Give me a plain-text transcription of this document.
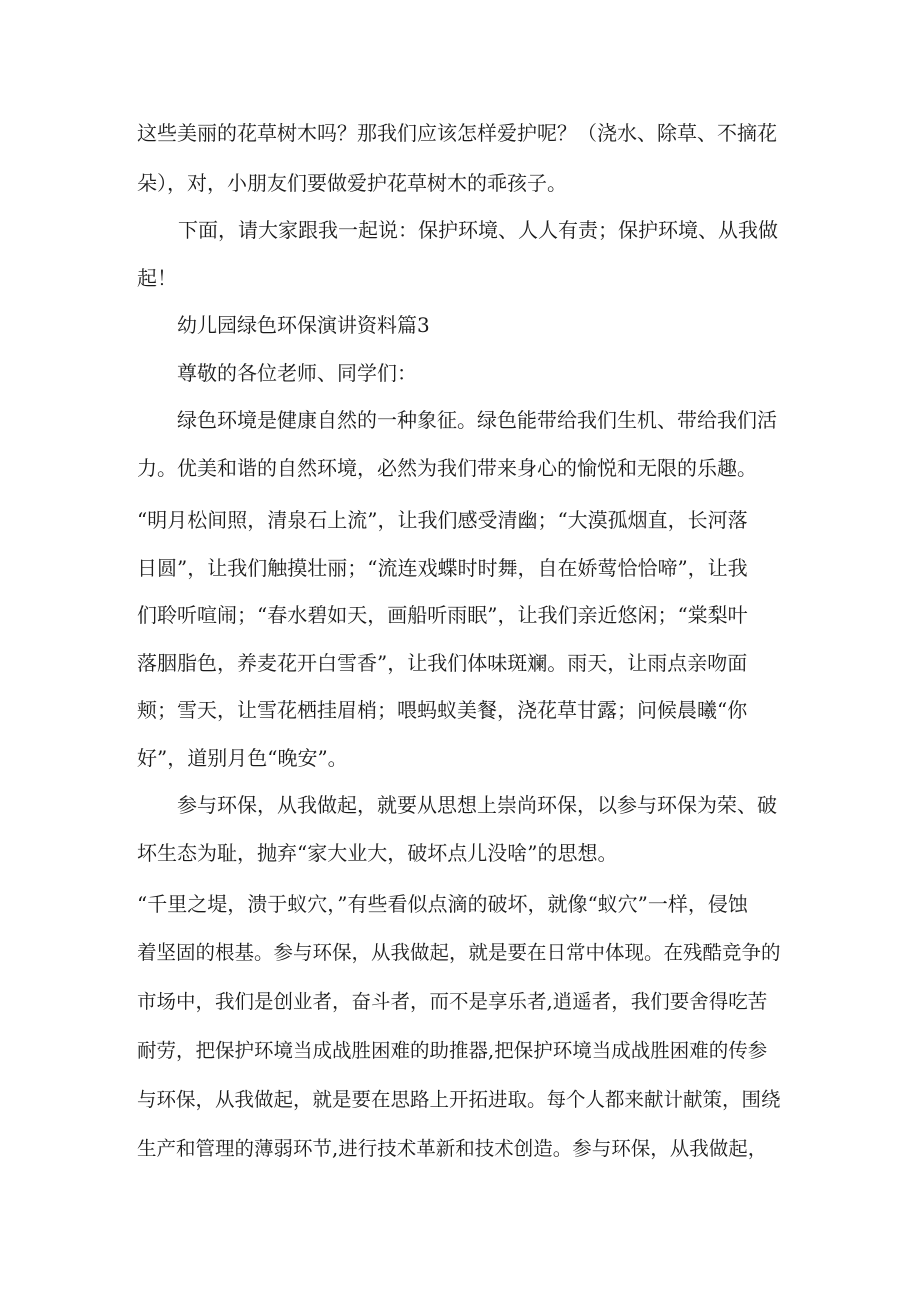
这些美丽的花草树木吗？那我们应该怎样爱护呢？（浇水、除草、不摘花

朵），对，小朋友们要做爱护花草树木的乖孩子。

下面，请大家跟我一起说：保护环境、人人有责；保护环境、从我做

起！

幼儿园绿色环保演讲资料篇3

尊敬的各位老师、同学们：

绿色环境是健康自然的一种象征。绿色能带给我们生机、带给我们活

力。优美和谐的自然环境，必然为我们带来身心的愉悦和无限的乐趣。

“明月松间照，清泉石上流”，让我们感受清幽；“大漠孤烟直，长河落

日圆”，让我们触摸壮丽；“流连戏蝶时时舞，自在娇莺恰恰啼”，让我

们聆听喧闹；“春水碧如天，画船听雨眠”，让我们亲近悠闲；“棠梨叶

落胭脂色，养麦花开白雪香”，让我们体味斑斓。雨天，让雨点亲吻面

颊；雪天，让雪花栖挂眉梢；喂蚂蚁美餐，浇花草甘露；问候晨曦“你

好”，道别月色“晚安”。

参与环保，从我做起，就要从思想上崇尚环保，以参与环保为荣、破

坏生态为耻，抛弃“家大业大，破坏点儿没啥”的思想。

“千里之堤，溃于蚁穴，”有些看似点滴的破坏，就像“蚁穴”一样，侵蚀

着坚固的根基。参与环保，从我做起，就是要在日常中体现。在残酷竞争的

市场中，我们是创业者，奋斗者，而不是享乐者,逍遥者，我们要舍得吃苦

耐劳，把保护环境当成战胜困难的助推器,把保护环境当成战胜困难的传参

与环保，从我做起，就是要在思路上开拓进取。每个人都来献计献策，围绕

生产和管理的薄弱环节,进行技术革新和技术创造。参与环保，从我做起，
